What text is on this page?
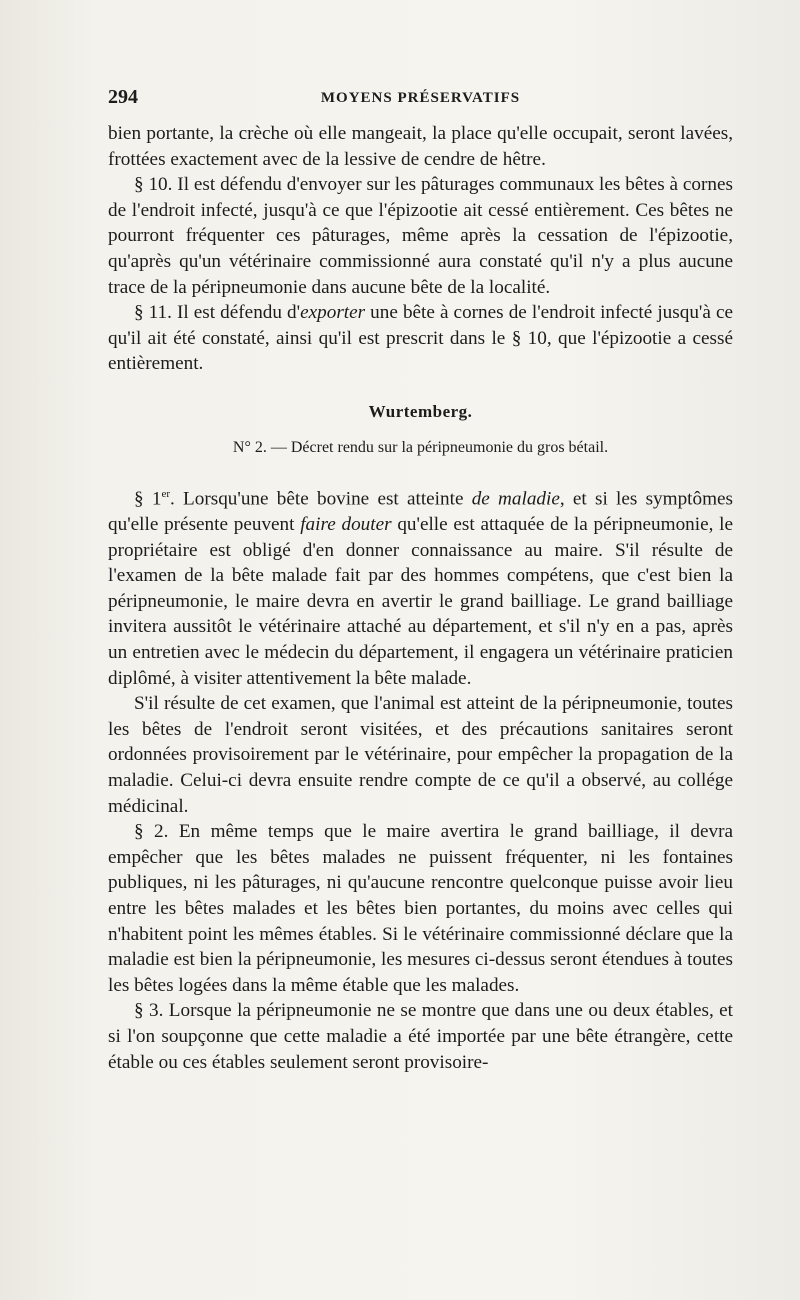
294	MOYENS PRÉSERVATIFS

bien portante, la crèche où elle mangeait, la place qu'elle occupait, seront lavées, frottées exactement avec de la lessive de cendre de hêtre.

§ 10. Il est défendu d'envoyer sur les pâturages communaux les bêtes à cornes de l'endroit infecté, jusqu'à ce que l'épizootie ait cessé entièrement. Ces bêtes ne pourront fréquenter ces pâturages, même après la cessation de l'épizootie, qu'après qu'un vétérinaire commissionné aura constaté qu'il n'y a plus aucune trace de la péripneumonie dans aucune bête de la localité.

§ 11. Il est défendu d'exporter une bête à cornes de l'endroit infecté jusqu'à ce qu'il ait été constaté, ainsi qu'il est prescrit dans le § 10, que l'épizootie a cessé entièrement.

Wurtemberg.

N° 2. — Décret rendu sur la péripneumonie du gros bétail.

§ 1er. Lorsqu'une bête bovine est atteinte de maladie, et si les symptômes qu'elle présente peuvent faire douter qu'elle est attaquée de la péripneumonie, le propriétaire est obligé d'en donner connaissance au maire. S'il résulte de l'examen de la bête malade fait par des hommes compétens, que c'est bien la péripneumonie, le maire devra en avertir le grand bailliage. Le grand bailliage invitera aussitôt le vétérinaire attaché au département, et s'il n'y en a pas, après un entretien avec le médecin du département, il engagera un vétérinaire praticien diplômé, à visiter attentivement la bête malade.

S'il résulte de cet examen, que l'animal est atteint de la péripneumonie, toutes les bêtes de l'endroit seront visitées, et des précautions sanitaires seront ordonnées provisoirement par le vétérinaire, pour empêcher la propagation de la maladie. Celui-ci devra ensuite rendre compte de ce qu'il a observé, au collége médicinal.

§ 2. En même temps que le maire avertira le grand bailliage, il devra empêcher que les bêtes malades ne puissent fréquenter, ni les fontaines publiques, ni les pâturages, ni qu'aucune rencontre quelconque puisse avoir lieu entre les bêtes malades et les bêtes bien portantes, du moins avec celles qui n'habitent point les mêmes étables. Si le vétérinaire commissionné déclare que la maladie est bien la péripneumonie, les mesures ci-dessus seront étendues à toutes les bêtes logées dans la même étable que les malades.

§ 3. Lorsque la péripneumonie ne se montre que dans une ou deux étables, et si l'on soupçonne que cette maladie a été importée par une bête étrangère, cette étable ou ces étables seulement seront provisoire-
